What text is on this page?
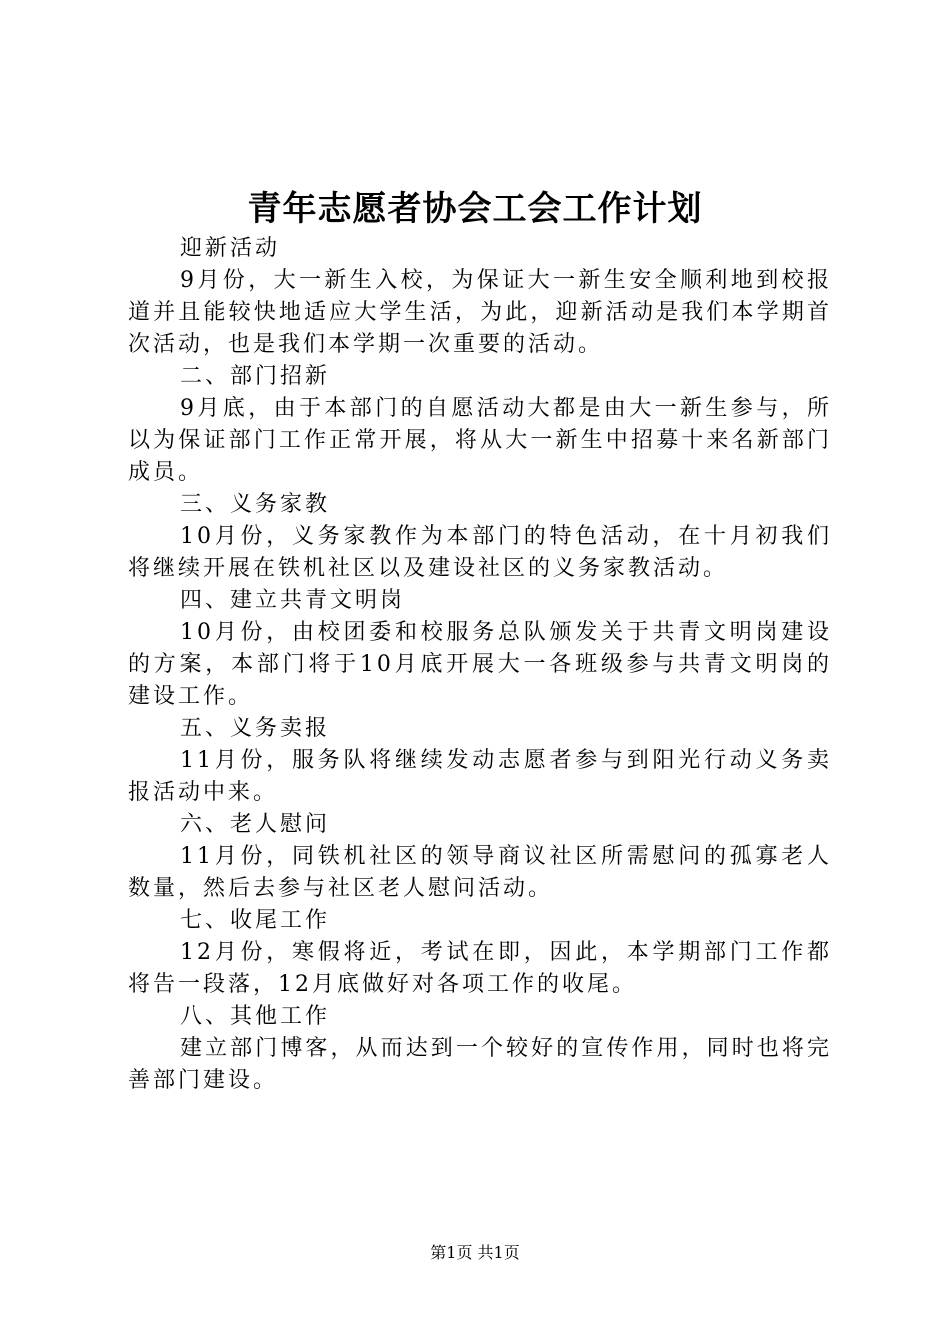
青年志愿者协会工会工作计划

迎新活动

9月份，大一新生入校，为保证大一新生安全顺利地到校报道并且能较快地适应大学生活，为此，迎新活动是我们本学期首次活动，也是我们本学期一次重要的活动。

二、部门招新

9月底，由于本部门的自愿活动大都是由大一新生参与，所以为保证部门工作正常开展，将从大一新生中招募十来名新部门成员。

三、义务家教

10月份，义务家教作为本部门的特色活动，在十月初我们将继续开展在铁机社区以及建设社区的义务家教活动。

四、建立共青文明岗

10月份，由校团委和校服务总队颁发关于共青文明岗建设的方案，本部门将于10月底开展大一各班级参与共青文明岗的建设工作。

五、义务卖报

11月份，服务队将继续发动志愿者参与到阳光行动义务卖报活动中来。

六、老人慰问

11月份，同铁机社区的领导商议社区所需慰问的孤寡老人数量，然后去参与社区老人慰问活动。

七、收尾工作

12月份，寒假将近，考试在即，因此，本学期部门工作都将告一段落，12月底做好对各项工作的收尾。

八、其他工作

建立部门博客，从而达到一个较好的宣传作用，同时也将完善部门建设。

第1页 共1页
